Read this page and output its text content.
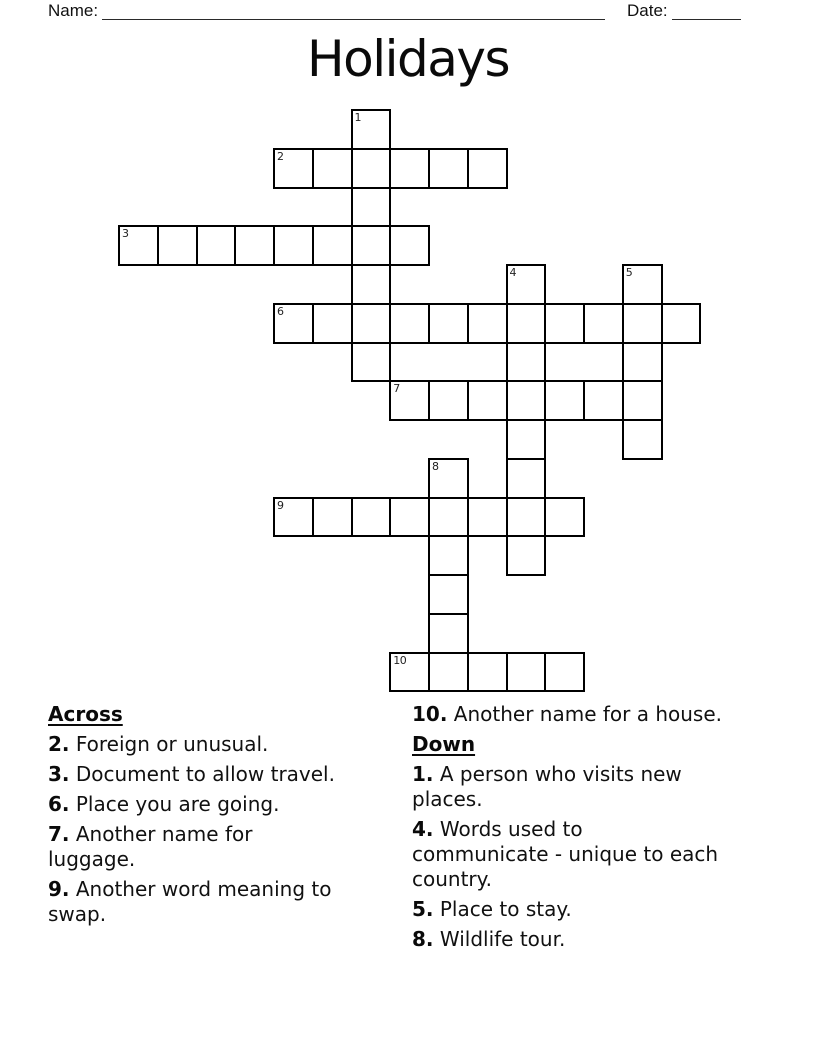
Name:	Date:
Holidays
1
2
3
4	5
6
7
8
9
10
Across
2. Foreign or unusual.
3. Document to allow travel.
6. Place you are going.
7. Another name for
luggage.
9. Another word meaning to
swap.
10. Another name for a house.
Down
1. A person who visits new
places.
4. Words used to
communicate - unique to each
country.
5. Place to stay.
8. Wildlife tour.
